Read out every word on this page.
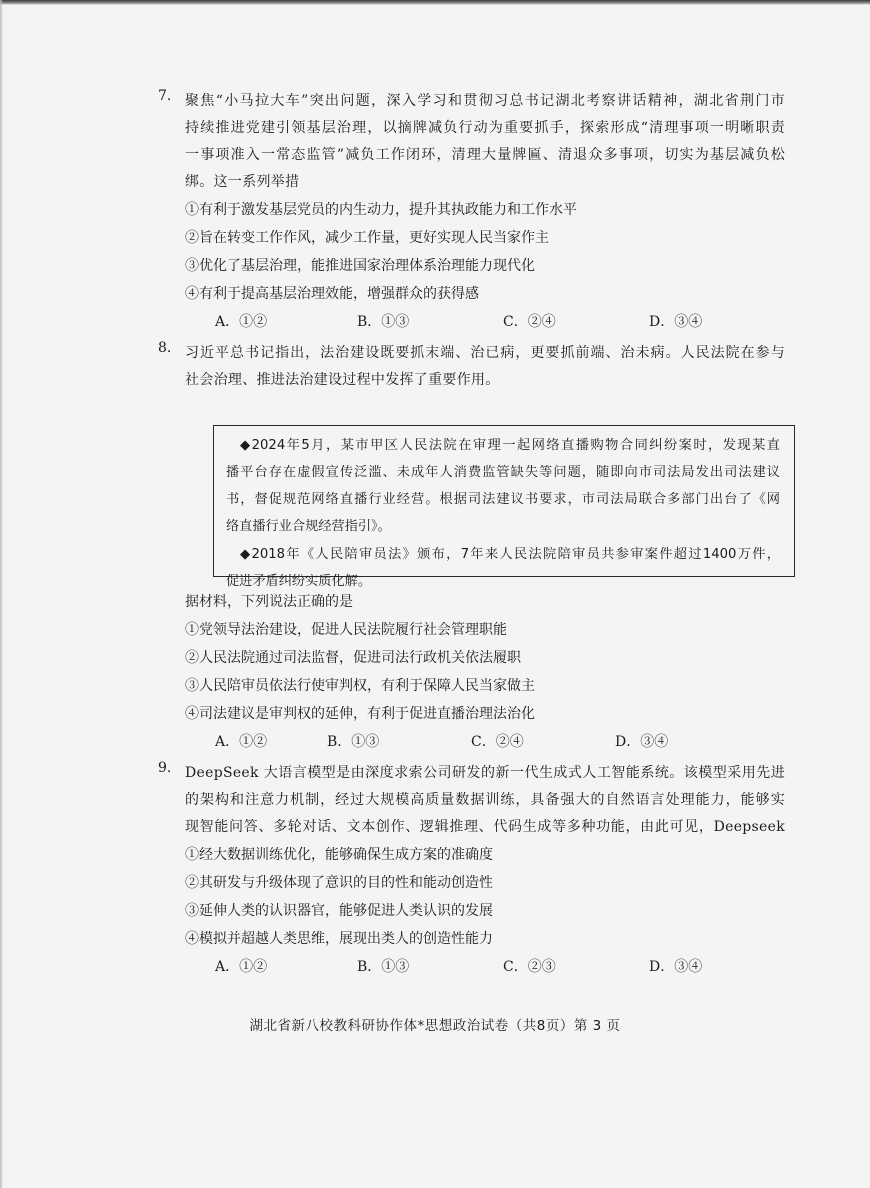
7. 聚焦“小马拉大车”突出问题，深入学习和贯彻习总书记湖北考察讲话精神，湖北省荆门市
持续推进党建引领基层治理，以摘牌减负行动为重要抓手，探索形成“清理事项一明晰职责
一事项准入一常态监管”减负工作闭环，清理大量牌匾、清退众多事项，切实为基层减负松
绑。这一系列举措
①有利于激发基层党员的内生动力，提升其执政能力和工作水平
②旨在转变工作作风，减少工作量，更好实现人民当家作主
③优化了基层治理，能推进国家治理体系治理能力现代化
④有利于提高基层治理效能，增强群众的获得感
A．①②	B．①③	C．②④	D．③④
8. 习近平总书记指出，法治建设既要抓末端、治已病，更要抓前端、治未病。人民法院在参与
社会治理、推进法治建设过程中发挥了重要作用。
◆2024年5月，某市甲区人民法院在审理一起网络直播购物合同纠纷案时，发现某直
播平台存在虚假宣传泛滥、未成年人消费监管缺失等问题，随即向市司法局发出司法建议
书，督促规范网络直播行业经营。根据司法建议书要求，市司法局联合多部门出台了《网
络直播行业合规经营指引》。
◆2018年《人民陪审员法》颁布，7年来人民法院陪审员共参审案件超过1400万件，
促进矛盾纠纷实质化解。
据材料，下列说法正确的是
①党领导法治建设，促进人民法院履行社会管理职能
②人民法院通过司法监督，促进司法行政机关依法履职
③人民陪审员依法行使审判权，有利于保障人民当家做主
④司法建议是审判权的延伸，有利于促进直播治理法治化
A．①②	B．①③	C．②④	D．③④
9. DeepSeek 大语言模型是由深度求索公司研发的新一代生成式人工智能系统。该模型采用先进
的架构和注意力机制，经过大规模高质量数据训练，具备强大的自然语言处理能力，能够实
现智能问答、多轮对话、文本创作、逻辑推理、代码生成等多种功能，由此可见，Deepseek
①经大数据训练优化，能够确保生成方案的准确度
②其研发与升级体现了意识的目的性和能动创造性
③延伸人类的认识器官，能够促进人类认识的发展
④模拟并超越人类思维，展现出类人的创造性能力
A．①②	B．①③	C．②③	D．③④
湖北省新八校教科研协作体*思想政治试卷（共8页）第 3 页
